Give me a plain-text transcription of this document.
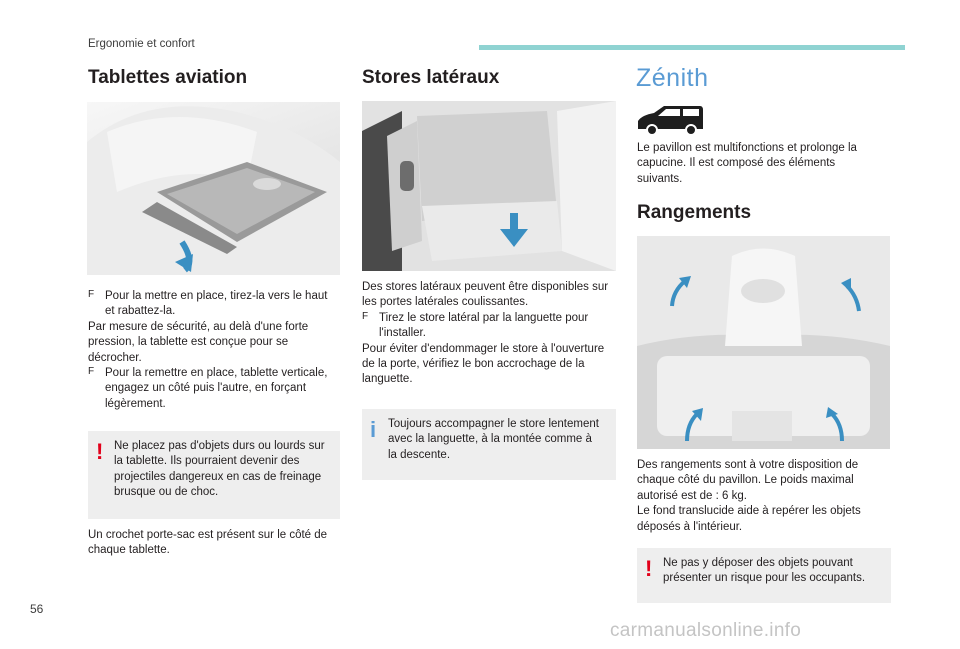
Ergonomie et confort
Tablettes aviation
F Pour la mettre en place, tirez-la vers le haut et rabattez-la.

Par mesure de sécurité, au delà d'une forte pression, la tablette est conçue pour se décrocher.

F Pour la remettre en place, tablette verticale, engagez un côté puis l'autre, en forçant légèrement.

! Ne placez pas d'objets durs ou lourds sur la tablette. Ils pourraient devenir des projectiles dangereux en cas de freinage brusque ou de choc.

Un crochet porte-sac est présent sur le côté de chaque tablette.

Stores latéraux

Des stores latéraux peuvent être disponibles sur les portes latérales coulissantes.

F Tirez le store latéral par la languette pour l'installer.

Pour éviter d'endommager le store à l'ouverture de la porte, vérifiez le bon accrochage de la languette.

i Toujours accompagner le store lentement avec la languette, à la montée comme à la descente.
Zénith

Le pavillon est multifonctions et prolonge la capucine. Il est composé des éléments suivants.

Rangements

Des rangements sont à votre disposition de chaque côté du pavillon. Le poids maximal autorisé est de : 6 kg.

Le fond translucide aide à repérer les objets déposés à l'intérieur.

! Ne pas y déposer des objets pouvant présenter un risque pour les occupants.
56
carmanualsonline.info
